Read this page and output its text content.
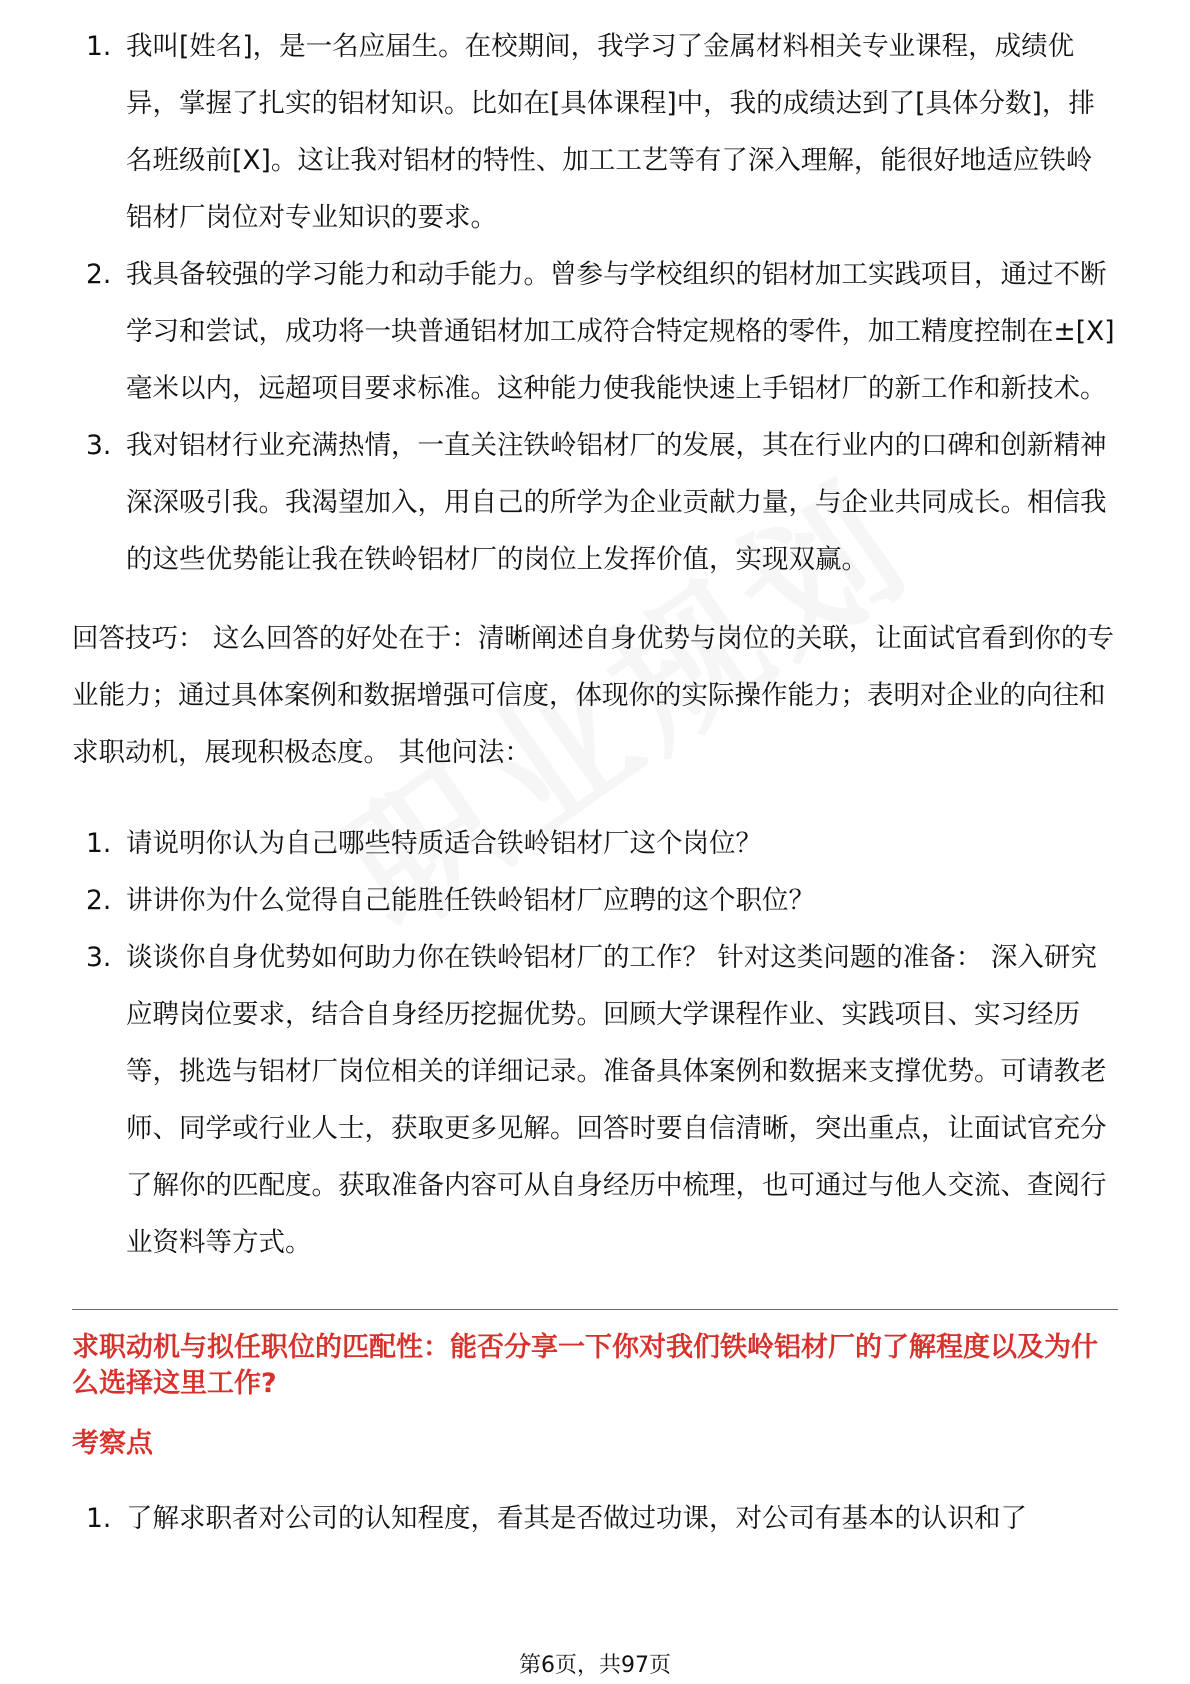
1. 我叫[姓名]，是一名应届生。在校期间，我学习了金属材料相关专业课程，成绩优异，掌握了扎实的铝材知识。比如在[具体课程]中，我的成绩达到了[具体分数]，排名班级前[X]。这让我对铝材的特性、加工工艺等有了深入理解，能很好地适应铁岭铝材厂岗位对专业知识的要求。
2. 我具备较强的学习能力和动手能力。曾参与学校组织的铝材加工实践项目，通过不断学习和尝试，成功将一块普通铝材加工成符合特定规格的零件，加工精度控制在±[X]毫米以内，远超项目要求标准。这种能力使我能快速上手铝材厂的新工作和新技术。
3. 我对铝材行业充满热情，一直关注铁岭铝材厂的发展，其在行业内的口碑和创新精神深深吸引我。我渴望加入，用自己的所学为企业贡献力量，与企业共同成长。相信我的这些优势能让我在铁岭铝材厂的岗位上发挥价值，实现双赢。

回答技巧： 这么回答的好处在于：清晰阐述自身优势与岗位的关联，让面试官看到你的专业能力；通过具体案例和数据增强可信度，体现你的实际操作能力；表明对企业的向往和求职动机，展现积极态度。 其他问法：

1. 请说明你认为自己哪些特质适合铁岭铝材厂这个岗位？
2. 讲讲你为什么觉得自己能胜任铁岭铝材厂应聘的这个职位？
3. 谈谈你自身优势如何助力你在铁岭铝材厂的工作？ 针对这类问题的准备： 深入研究应聘岗位要求，结合自身经历挖掘优势。回顾大学课程作业、实践项目、实习经历等，挑选与铝材厂岗位相关的详细记录。准备具体案例和数据来支撑优势。可请教老师、同学或行业人士，获取更多见解。回答时要自信清晰，突出重点，让面试官充分了解你的匹配度。获取准备内容可从自身经历中梳理，也可通过与他人交流、查阅行业资料等方式。
求职动机与拟任职位的匹配性：能否分享一下你对我们铁岭铝材厂的了解程度以及为什么选择这里工作?
考察点
1. 了解求职者对公司的认知程度，看其是否做过功课，对公司有基本的认识和了
第6页，共97页
